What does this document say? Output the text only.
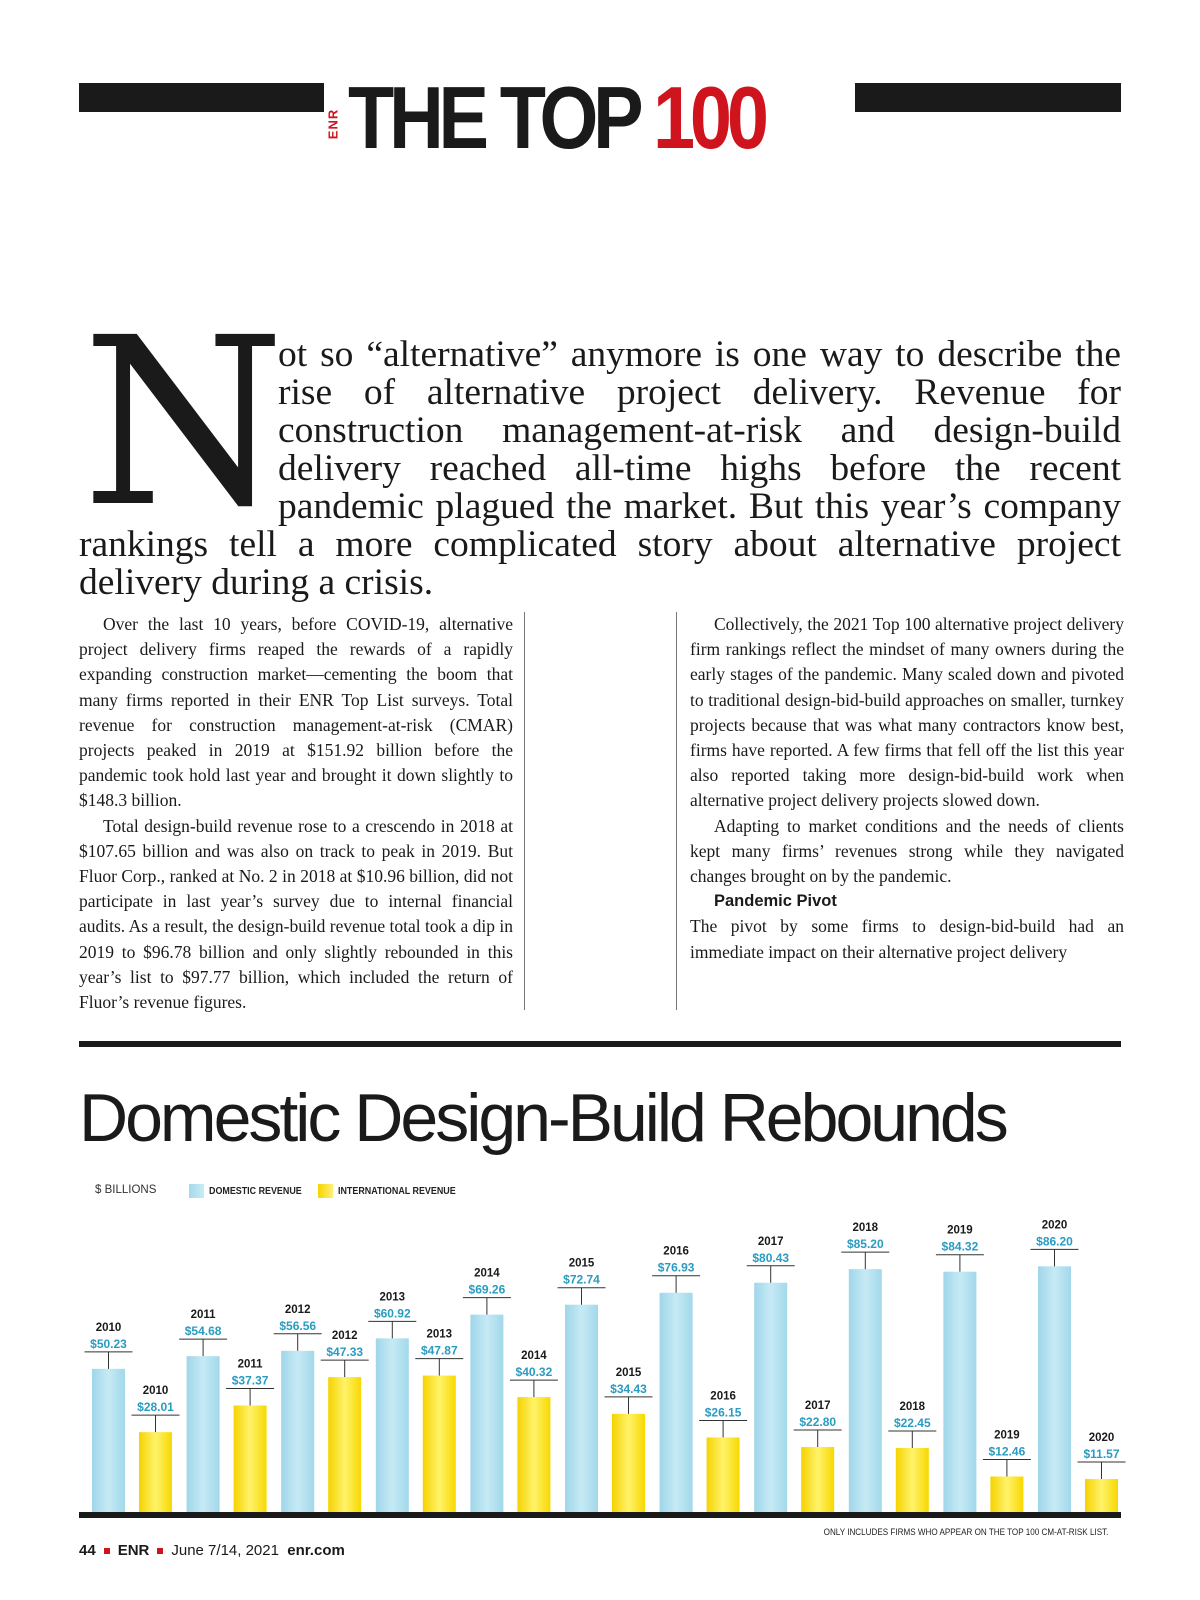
ENR THE TOP 100
N
ot so “alternative” anymore is one way to describe the
rise of alternative project delivery. Revenue for
construction management-at-risk and design-build
delivery reached all-time highs before the recent
pandemic plagued the market. But this year’s company
rankings tell a more complicated story about alternative project
delivery during a crisis.

Over the last 10 years, before COVID-19, alternative project delivery firms reaped the rewards of a rapidly expanding construction market—cementing the boom that many firms reported in their ENR Top List surveys. Total revenue for construction management-at-risk (CMAR) projects peaked in 2019 at $151.92 billion before the pandemic took hold last year and brought it down slightly to $148.3 billion.

Total design-build revenue rose to a crescendo in 2018 at $107.65 billion and was also on track to peak in 2019. But Fluor Corp., ranked at No. 2 in 2018 at $10.96 billion, did not participate in last year’s survey due to internal financial audits. As a result, the design-build revenue total took a dip in 2019 to $96.78 billion and only slightly rebounded in this year’s list to $97.77 billion, which included the return of Fluor’s revenue figures.

Collectively, the 2021 Top 100 alternative project delivery firm rankings reflect the mindset of many owners during the early stages of the pandemic. Many scaled down and pivoted to traditional design-bid-build approaches on smaller, turnkey projects because that was what many contractors know best, firms have reported. A few firms that fell off the list this year also reported taking more design-bid-build work when alternative project delivery projects slowed down.

Adapting to market conditions and the needs of clients kept many firms’ revenues strong while they navigated changes brought on by the pandemic.

Pandemic Pivot

The pivot by some firms to design-bid-build had an immediate impact on their alternative project delivery

Domestic Design-Build Rebounds
$ BILLIONS	DOMESTIC REVENUE	INTERNATIONAL REVENUE
$50.23
2010	$54.68
2011
$56.56
2012	$60.92
2013
$69.26
2014	$72.74
2015	$76.93
2016	$80.43
2017	$85.20
2018
$84.32
2019
$86.20
2020
$28.01
2010
$37.37
2011
$47.33
2012
$47.87
2013
$40.32
2014
$34.43
2015
$26.15
2016
$22.80
2017
$22.45
2018
$12.46
2019
$11.57
2020
ONLY INCLUDES FIRMS WHO APPEAR ON THE TOP 100 CM-AT-RISK LIST.
44 ENR June 7/14, 2021 enr.com
